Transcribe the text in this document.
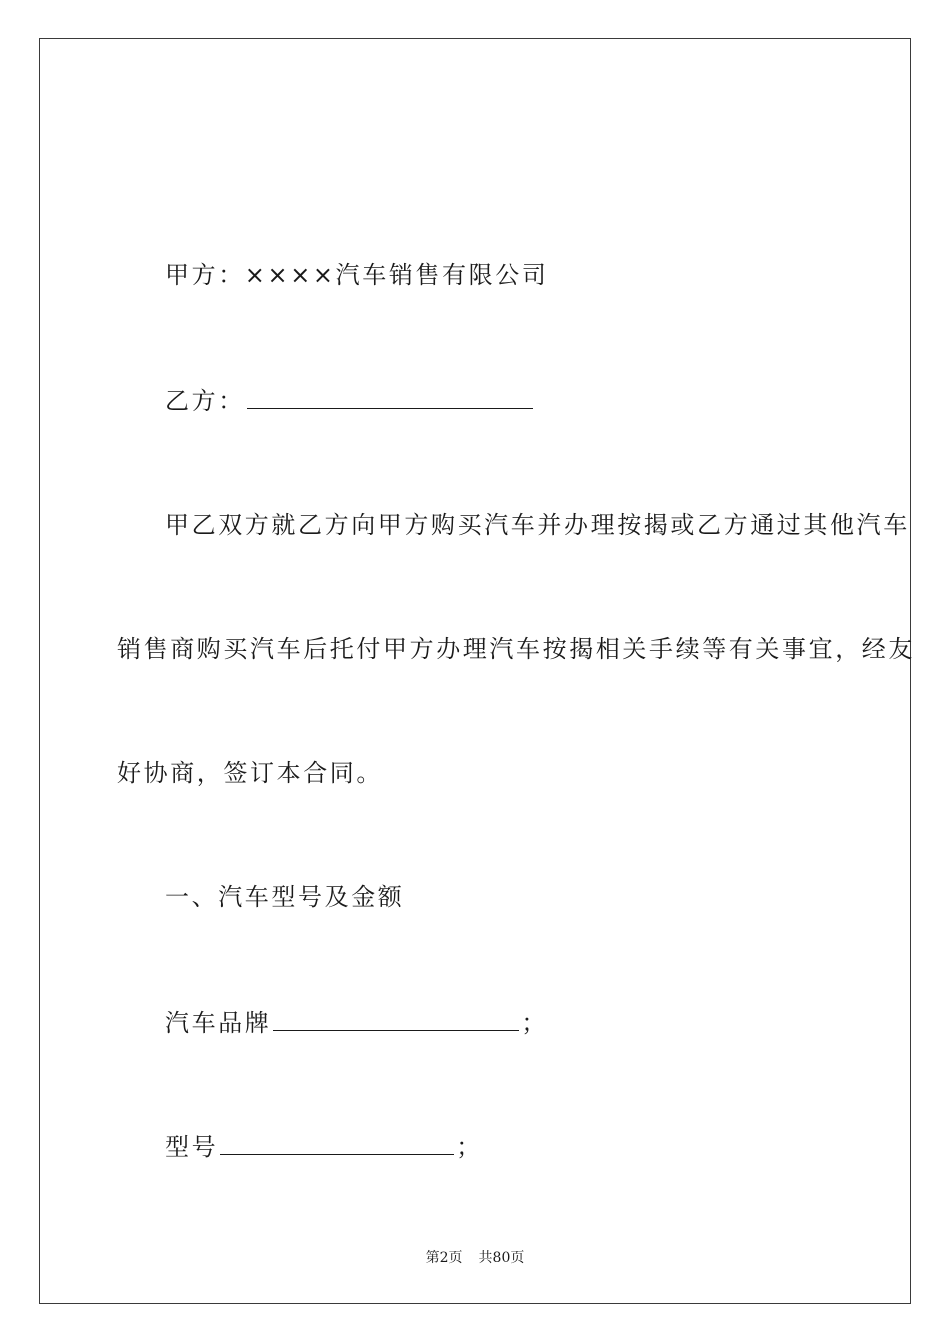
甲方：××××汽车销售有限公司
乙方：
甲乙双方就乙方向甲方购买汽车并办理按揭或乙方通过其他汽车
销售商购买汽车后托付甲方办理汽车按揭相关手续等有关事宜，经友
好协商，签订本合同。
一、汽车型号及金额
汽车品牌	；
型号	；
第2页 共80页
